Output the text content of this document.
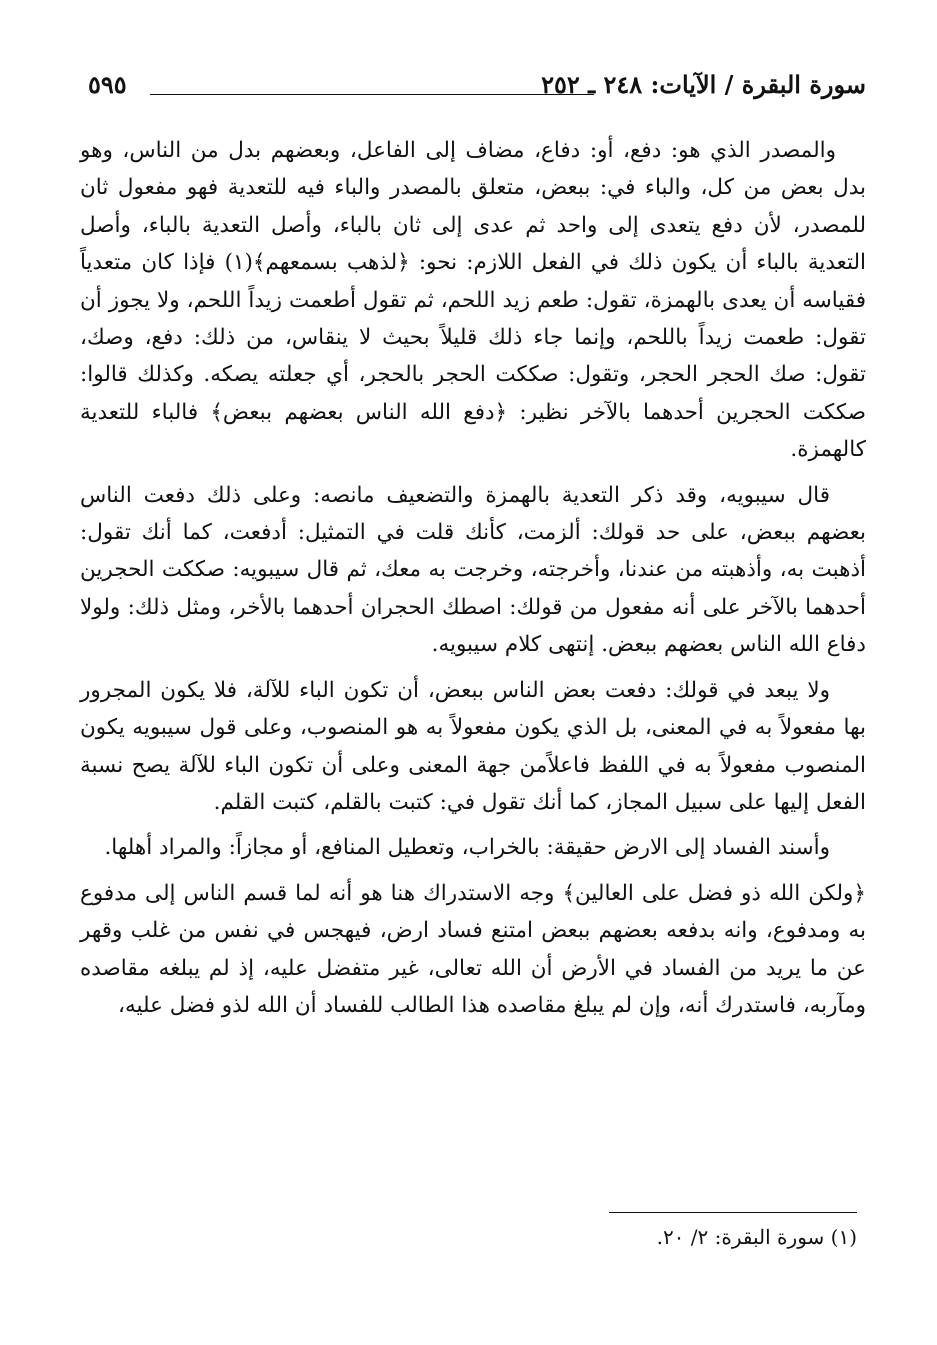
سورة البقرة / الآيات: ٢٤٨ ـ ٢٥٢
٥٩٥

والمصدر الذي هو: دفع، أو: دفاع، مضاف إلى الفاعل، وبعضهم بدل من الناس، وهو بدل بعض من كل، والباء في: ببعض، متعلق بالمصدر والباء فيه للتعدية فهو مفعول ثان للمصدر، لأن دفع يتعدى إلى واحد ثم عدى إلى ثان بالباء، وأصل التعدية بالباء، وأصل التعدية بالباء أن يكون ذلك في الفعل اللازم: نحو: ﴿لذهب بسمعهم﴾(١) فإذا كان متعدياً فقياسه أن يعدى بالهمزة، تقول: طعم زيد اللحم، ثم تقول أطعمت زيداً اللحم، ولا يجوز أن تقول: طعمت زيداً باللحم، وإنما جاء ذلك قليلاً بحيث لا ينقاس، من ذلك: دفع، وصك، تقول: صك الحجر الحجر، وتقول: صككت الحجر بالحجر، أي جعلته يصكه. وكذلك قالوا: صككت الحجرين أحدهما بالآخر نظير: ﴿دفع الله الناس بعضهم ببعض﴾ فالباء للتعدية كالهمزة.

قال سيبويه، وقد ذكر التعدية بالهمزة والتضعيف مانصه: وعلى ذلك دفعت الناس بعضهم ببعض، على حد قولك: ألزمت، كأنك قلت في التمثيل: أدفعت، كما أنك تقول: أذهبت به، وأذهبته من عندنا، وأخرجته، وخرجت به معك، ثم قال سيبويه: صككت الحجرين أحدهما بالآخر على أنه مفعول من قولك: اصطك الحجران أحدهما بالأخر، ومثل ذلك: ولولا دفاع الله الناس بعضهم ببعض. إنتهى كلام سيبويه.

ولا يبعد في قولك: دفعت بعض الناس ببعض، أن تكون الباء للآلة، فلا يكون المجرور بها مفعولاً به في المعنى، بل الذي يكون مفعولاً به هو المنصوب، وعلى قول سيبويه يكون المنصوب مفعولاً به في اللفظ فاعلاًمن جهة المعنى وعلى أن تكون الباء للآلة يصح نسبة الفعل إليها على سبيل المجاز، كما أنك تقول في: كتبت بالقلم، كتبت القلم.

وأسند الفساد إلى الارض حقيقة: بالخراب، وتعطيل المنافع، أو مجازاً: والمراد أهلها.

﴿ولكن الله ذو فضل على العالين﴾ وجه الاستدراك هنا هو أنه لما قسم الناس إلى مدفوع به ومدفوع، وانه بدفعه بعضهم ببعض امتنع فساد ارض، فيهجس في نفس من غلب وقهر عن ما يريد من الفساد في الأرض أن الله تعالى، غير متفضل عليه، إذ لم يبلغه مقاصده ومآربه، فاستدرك أنه، وإن لم يبلغ مقاصده هذا الطالب للفساد أن الله لذو فضل عليه،

(١) سورة البقرة: ٢/ ٢٠.
